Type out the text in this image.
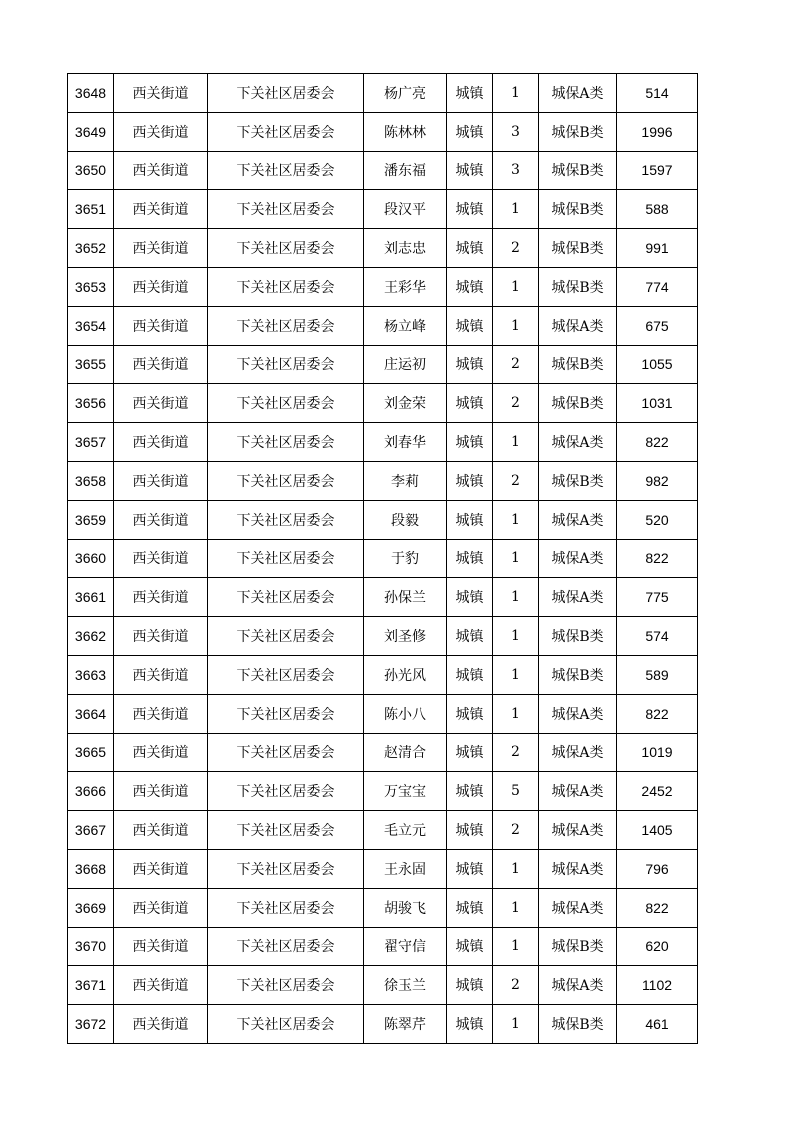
3648	西关街道	下关社区居委会	杨广亮	城镇	1	城保A类	514
3649	西关街道	下关社区居委会	陈林林	城镇	3	城保B类	1996
3650	西关街道	下关社区居委会	潘东福	城镇	3	城保B类	1597
3651	西关街道	下关社区居委会	段汉平	城镇	1	城保B类	588
3652	西关街道	下关社区居委会	刘志忠	城镇	2	城保B类	991
3653	西关街道	下关社区居委会	王彩华	城镇	1	城保B类	774
3654	西关街道	下关社区居委会	杨立峰	城镇	1	城保A类	675
3655	西关街道	下关社区居委会	庄运初	城镇	2	城保B类	1055
3656	西关街道	下关社区居委会	刘金荣	城镇	2	城保B类	1031
3657	西关街道	下关社区居委会	刘春华	城镇	1	城保A类	822
3658	西关街道	下关社区居委会	李莉	城镇	2	城保B类	982
3659	西关街道	下关社区居委会	段毅	城镇	1	城保A类	520
3660	西关街道	下关社区居委会	于豹	城镇	1	城保A类	822
3661	西关街道	下关社区居委会	孙保兰	城镇	1	城保A类	775
3662	西关街道	下关社区居委会	刘圣修	城镇	1	城保B类	574
3663	西关街道	下关社区居委会	孙光风	城镇	1	城保B类	589
3664	西关街道	下关社区居委会	陈小八	城镇	1	城保A类	822
3665	西关街道	下关社区居委会	赵清合	城镇	2	城保A类	1019
3666	西关街道	下关社区居委会	万宝宝	城镇	5	城保A类	2452
3667	西关街道	下关社区居委会	毛立元	城镇	2	城保A类	1405
3668	西关街道	下关社区居委会	王永固	城镇	1	城保A类	796
3669	西关街道	下关社区居委会	胡骏飞	城镇	1	城保A类	822
3670	西关街道	下关社区居委会	翟守信	城镇	1	城保B类	620
3671	西关街道	下关社区居委会	徐玉兰	城镇	2	城保A类	1102
3672	西关街道	下关社区居委会	陈翠芹	城镇	1	城保B类	461
